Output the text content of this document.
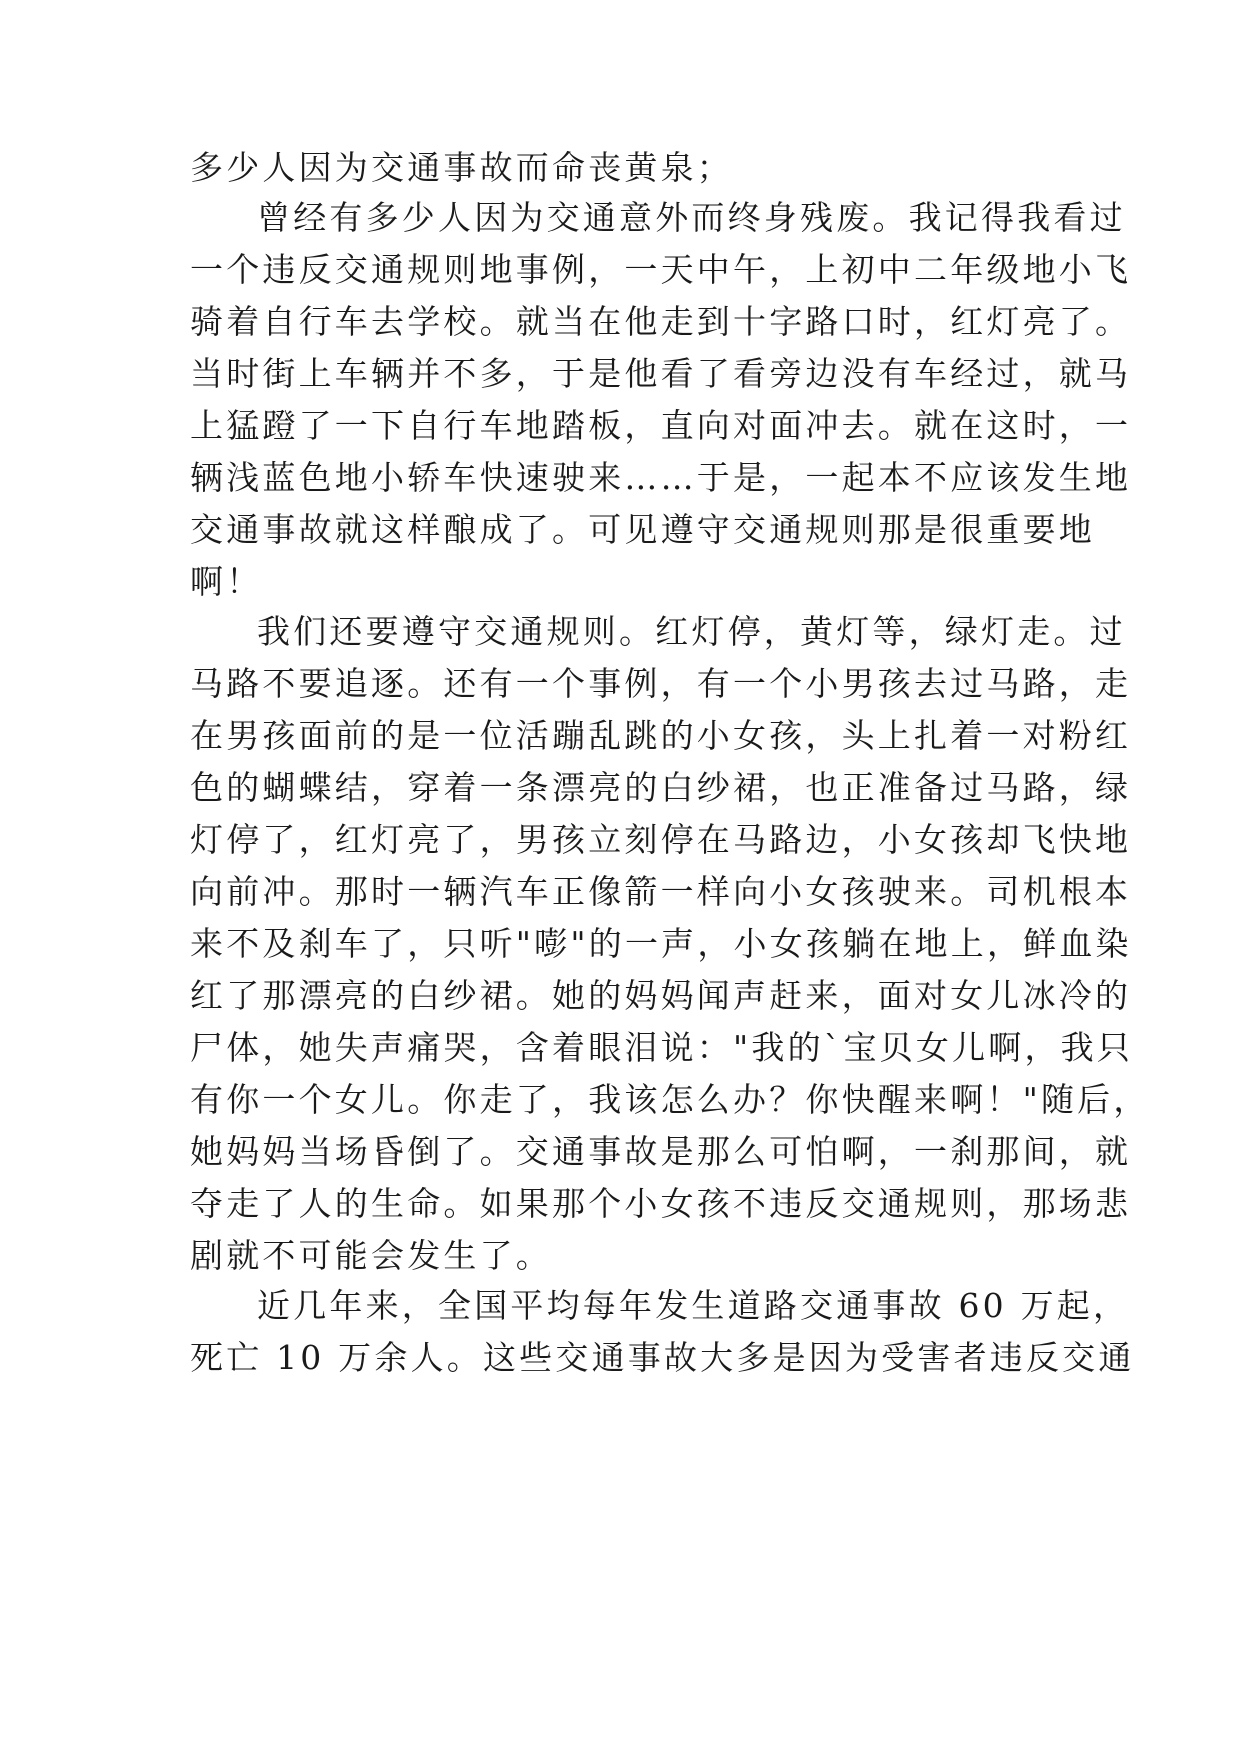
多少人因为交通事故而命丧黄泉；
曾经有多少人因为交通意外而终身残废。我记得我看过
一个违反交通规则地事例，一天中午，上初中二年级地小飞
骑着自行车去学校。就当在他走到十字路口时，红灯亮了。
当时街上车辆并不多，于是他看了看旁边没有车经过，就马
上猛蹬了一下自行车地踏板，直向对面冲去。就在这时，一
辆浅蓝色地小轿车快速驶来……于是，一起本不应该发生地
交通事故就这样酿成了。可见遵守交通规则那是很重要地
啊！
我们还要遵守交通规则。红灯停，黄灯等，绿灯走。过
马路不要追逐。还有一个事例，有一个小男孩去过马路，走
在男孩面前的是一位活蹦乱跳的小女孩，头上扎着一对粉红
色的蝴蝶结，穿着一条漂亮的白纱裙，也正准备过马路，绿
灯停了，红灯亮了，男孩立刻停在马路边，小女孩却飞快地
向前冲。那时一辆汽车正像箭一样向小女孩驶来。司机根本
来不及刹车了，只听"嘭"的一声，小女孩躺在地上，鲜血染
红了那漂亮的白纱裙。她的妈妈闻声赶来，面对女儿冰冷的
尸体，她失声痛哭，含着眼泪说："我的`宝贝女儿啊，我只
有你一个女儿。你走了，我该怎么办？你快醒来啊！"随后，
她妈妈当场昏倒了。交通事故是那么可怕啊，一刹那间，就
夺走了人的生命。如果那个小女孩不违反交通规则，那场悲
剧就不可能会发生了。
近几年来，全国平均每年发生道路交通事故 60 万起，
死亡 10 万余人。这些交通事故大多是因为受害者违反交通
